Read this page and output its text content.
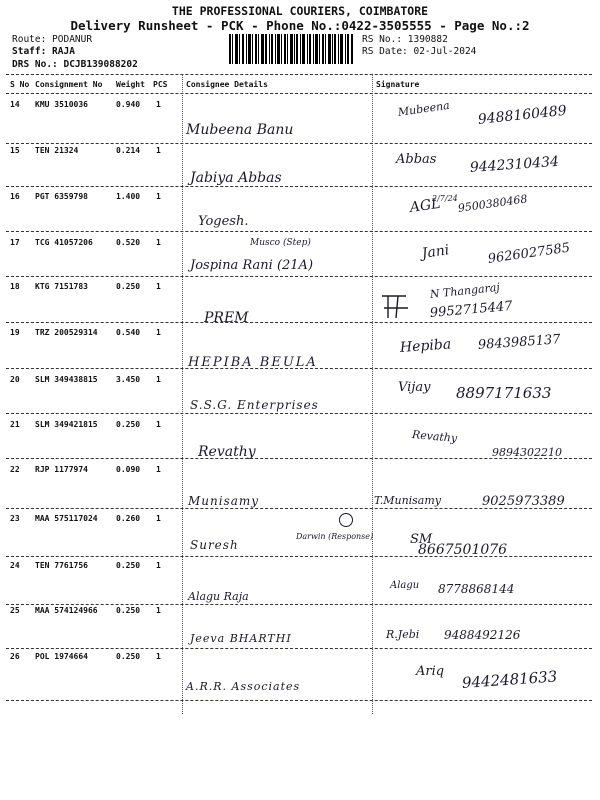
THE PROFESSIONAL COURIERS, COIMBATORE
Delivery Runsheet - PCK - Phone No.:0422-3505555 - Page No.:2
Route: PODANUR
Staff: RAJA
DRS No.: DCJB139088202
RS No.: 1390882
RS Date: 02-Jul-2024
S No Consignment No Weight PCS Consignee Details	Signature
14 KMU 3510036	0.940 1
Mubeena Banu
Mubeena 9488160489
15 TEN 21324	0.214 1
Jabiya Abbas
Abbas 9442310434
16 PGT 6359798	1.400 1
Yogesh.
AGL
2/7/24 9500380468
17 TCG 41057206	0.520 1	Musco (Step)
Jospina Rani (21A)
Jani	9626027585
18 KTG 7151783	0.250 1
PREM
N Thangaraj
9952715447
19 TRZ 200529314 0.540 1
HEPIBA BEULA
Hepiba 9843985137
20 SLM 349438815 3.450 1
S.S.G. Enterprises
Vijay 8897171633
21 SLM 349421815 0.250 1
Revathy
Revathy
9894302210
22 RJP 1177974	0.090 1
Munisamy	T.Munisamy	9025973389
23 MAA 575117024 0.260 1
Suresh
Darwin (Response)	SM
8667501076
24 TEN 7761756	0.250 1
Alagu Raja
Alagu 8778868144
25 MAA 574124966 0.250 1
Jeeva BHARTHI	R.Jebi 9488492126
26 POL 1974664	0.250 1
A.R.R. Associates
Ariq 9442481633
